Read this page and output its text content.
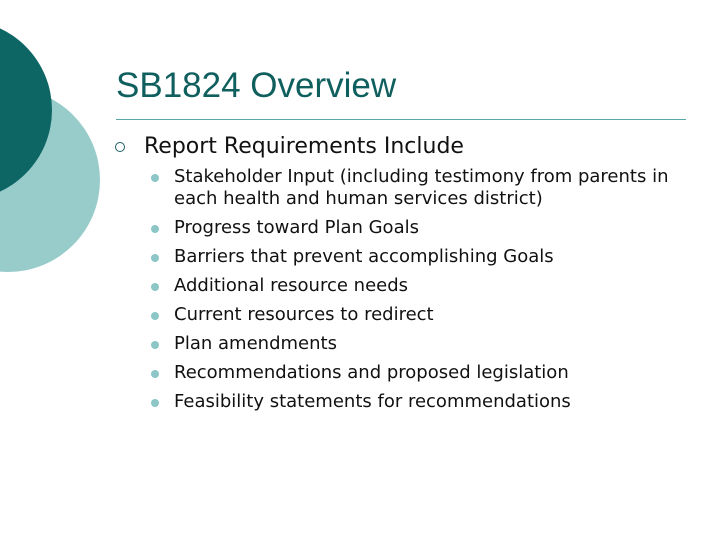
SB1824 Overview
Report Requirements Include
Stakeholder Input (including testimony from parents in each health and human services district)
Progress toward Plan Goals
Barriers that prevent accomplishing Goals
Additional resource needs
Current resources to redirect
Plan amendments
Recommendations and proposed legislation
Feasibility statements for recommendations
